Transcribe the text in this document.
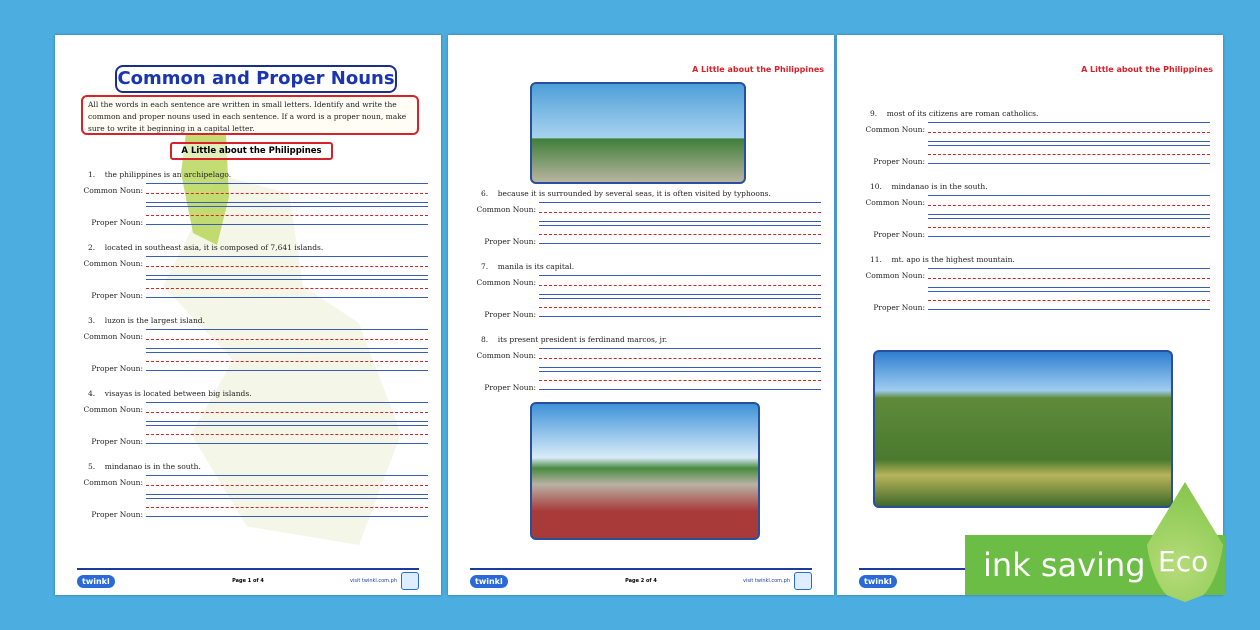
Common and Proper Nouns
All the words in each sentence are written in small letters. Identify and write the common and proper nouns used in each sentence. If a word is a proper noun, make sure to write it beginning in a capital letter.
A Little about the Philippines
1. the philippines is an archipelago.
Common Noun:
Proper Noun:
2. located in southeast asia, it is composed of 7,641 islands.
Common Noun:
Proper Noun:
3. luzon is the largest island.
Common Noun:
Proper Noun:
4. visayas is located between big islands.
Common Noun:
Proper Noun:
5. mindanao is in the south.
Common Noun:
Proper Noun:
twinkl	Page 1 of 4	visit twinkl.com.ph
A Little about the Philippines
6. because it is surrounded by several seas, it is often visited by typhoons.
Common Noun:
Proper Noun:
7. manila is its capital.
Common Noun:
Proper Noun:
8. its present president is ferdinand marcos, jr.
Common Noun:
Proper Noun:
twinkl	Page 2 of 4	visit twinkl.com.ph
A Little about the Philippines
9. most of its citizens are roman catholics.
Common Noun:
Proper Noun:
10. mindanao is in the south.
Common Noun:
Proper Noun:
11. mt. apo is the highest mountain.
Common Noun:
Proper Noun:
twinkl	ink saving Eco
